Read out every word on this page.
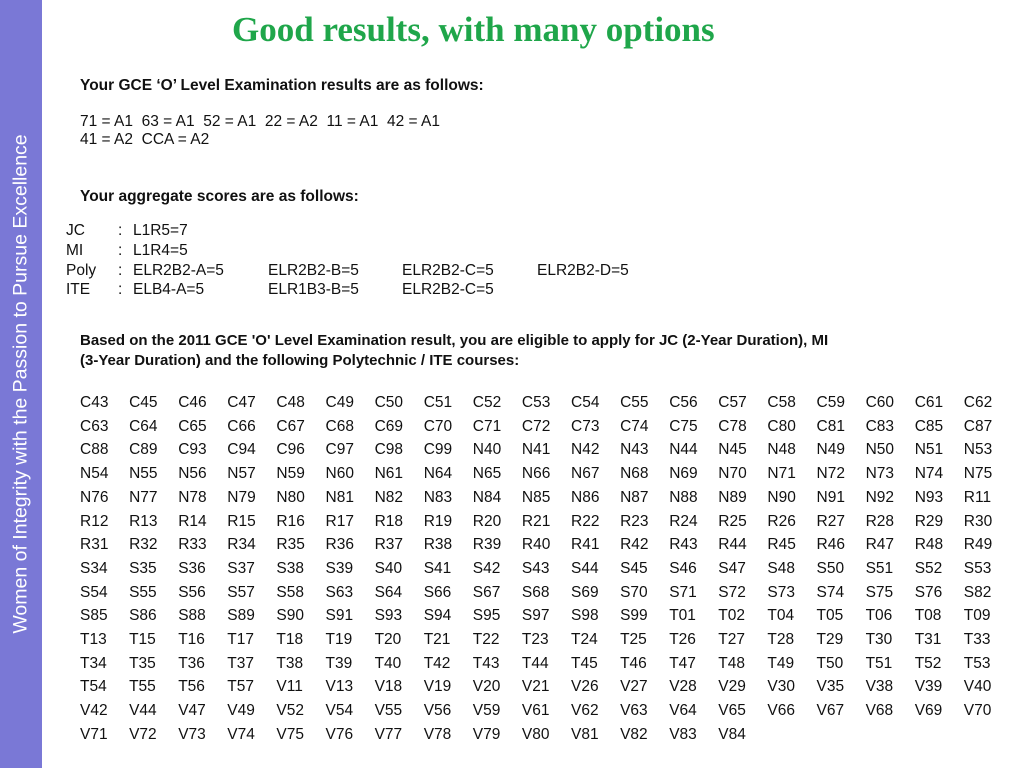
Women of Integrity with the Passion to Pursue Excellence
Good results, with many options
Your GCE ‘O’ Level Examination results are as follows:
71 = A1  63 = A1  52 = A1  22 = A2  11 = A1  42 = A1
41 = A2  CCA = A2
Your aggregate scores are as follows:
JC : L1R5=7
MI : L1R4=5
Poly : ELR2B2-A=5	ELR2B2-B=5	ELR2B2-C=5	ELR2B2-D=5
ITE : ELB4-A=5	ELR1B3-B=5	ELR2B2-C=5
Based on the 2011 GCE 'O' Level Examination result, you are eligible to apply for JC (2-Year Duration), MI
(3-Year Duration) and the following Polytechnic / ITE courses:
C43 C45 C46 C47 C48 C49 C50 C51 C52 C53 C54 C55 C56 C57 C58 C59 C60 C61 C62
C63 C64 C65 C66 C67 C68 C69 C70 C71 C72 C73 C74 C75 C78 C80 C81 C83 C85 C87
C88 C89 C93 C94 C96 C97 C98 C99 N40 N41 N42 N43 N44 N45 N48 N49 N50 N51 N53
N54 N55 N56 N57 N59 N60 N61 N64 N65 N66 N67 N68 N69 N70 N71 N72 N73 N74 N75
N76 N77 N78 N79 N80 N81 N82 N83 N84 N85 N86 N87 N88 N89 N90 N91 N92 N93 R11
R12 R13 R14 R15 R16 R17 R18 R19 R20 R21 R22 R23 R24 R25 R26 R27 R28 R29 R30
R31 R32 R33 R34 R35 R36 R37 R38 R39 R40 R41 R42 R43 R44 R45 R46 R47 R48 R49
S34 S35 S36 S37 S38 S39 S40 S41 S42 S43 S44 S45 S46 S47 S48 S50 S51 S52 S53
S54 S55 S56 S57 S58 S63 S64 S66 S67 S68 S69 S70 S71 S72 S73 S74 S75 S76 S82
S85 S86 S88 S89 S90 S91 S93 S94 S95 S97 S98 S99 T01 T02 T04 T05 T06 T08 T09
T13 T15 T16 T17 T18 T19 T20 T21 T22 T23 T24 T25 T26 T27 T28 T29 T30 T31 T33
T34 T35 T36 T37 T38 T39 T40 T42 T43 T44 T45 T46 T47 T48 T49 T50 T51 T52 T53
T54 T55 T56 T57 V11 V13 V18 V19 V20 V21 V26 V27 V28 V29 V30 V35 V38 V39 V40
V42 V44 V47 V49 V52 V54 V55 V56 V59 V61 V62 V63 V64 V65 V66 V67 V68 V69 V70
V71 V72 V73 V74 V75 V76 V77 V78 V79 V80 V81 V82 V83 V84
